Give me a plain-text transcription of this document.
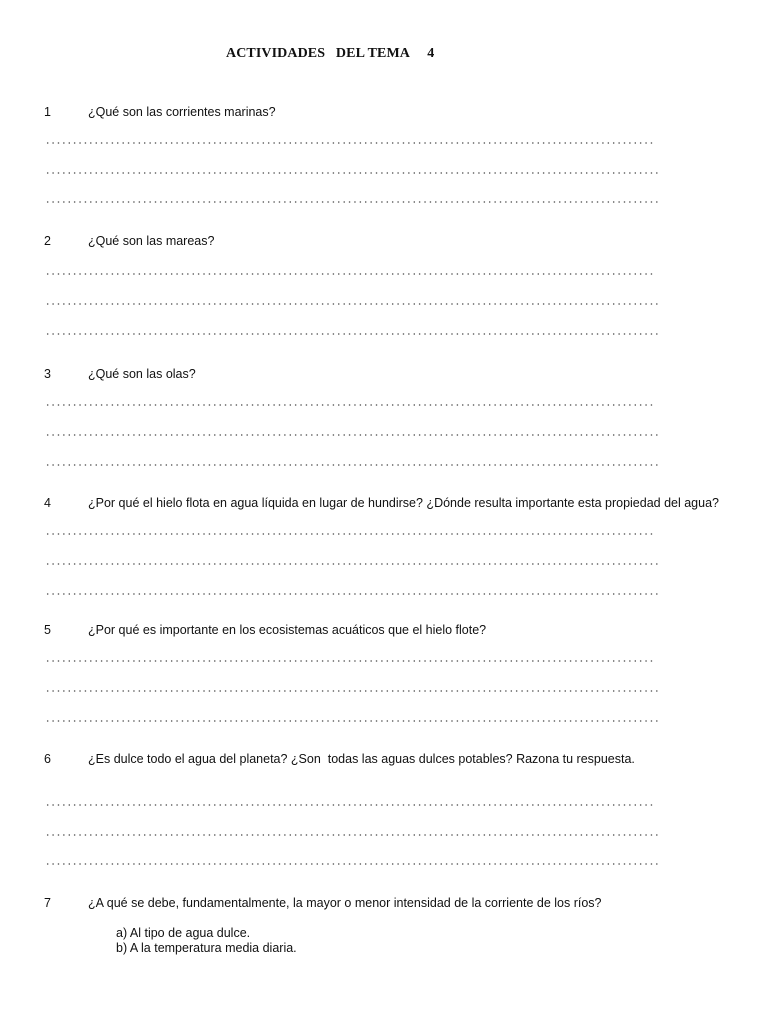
ACTIVIDADES   DEL TEMA     4
1	¿Qué son las corrientes marinas?
2	¿Qué son las mareas?
3	¿Qué son las olas?
4	¿Por qué el hielo flota en agua líquida en lugar de hundirse? ¿Dónde resulta importante esta propiedad del agua?
5	¿Por qué es importante en los ecosistemas acuáticos que el hielo flote?
6	¿Es dulce todo el agua del planeta? ¿Son  todas las aguas dulces potables? Razona tu respuesta.
7	¿A qué se debe, fundamentalmente, la mayor o menor intensidad de la corriente de los ríos?
a) Al tipo de agua dulce.
b) A la temperatura media diaria.
